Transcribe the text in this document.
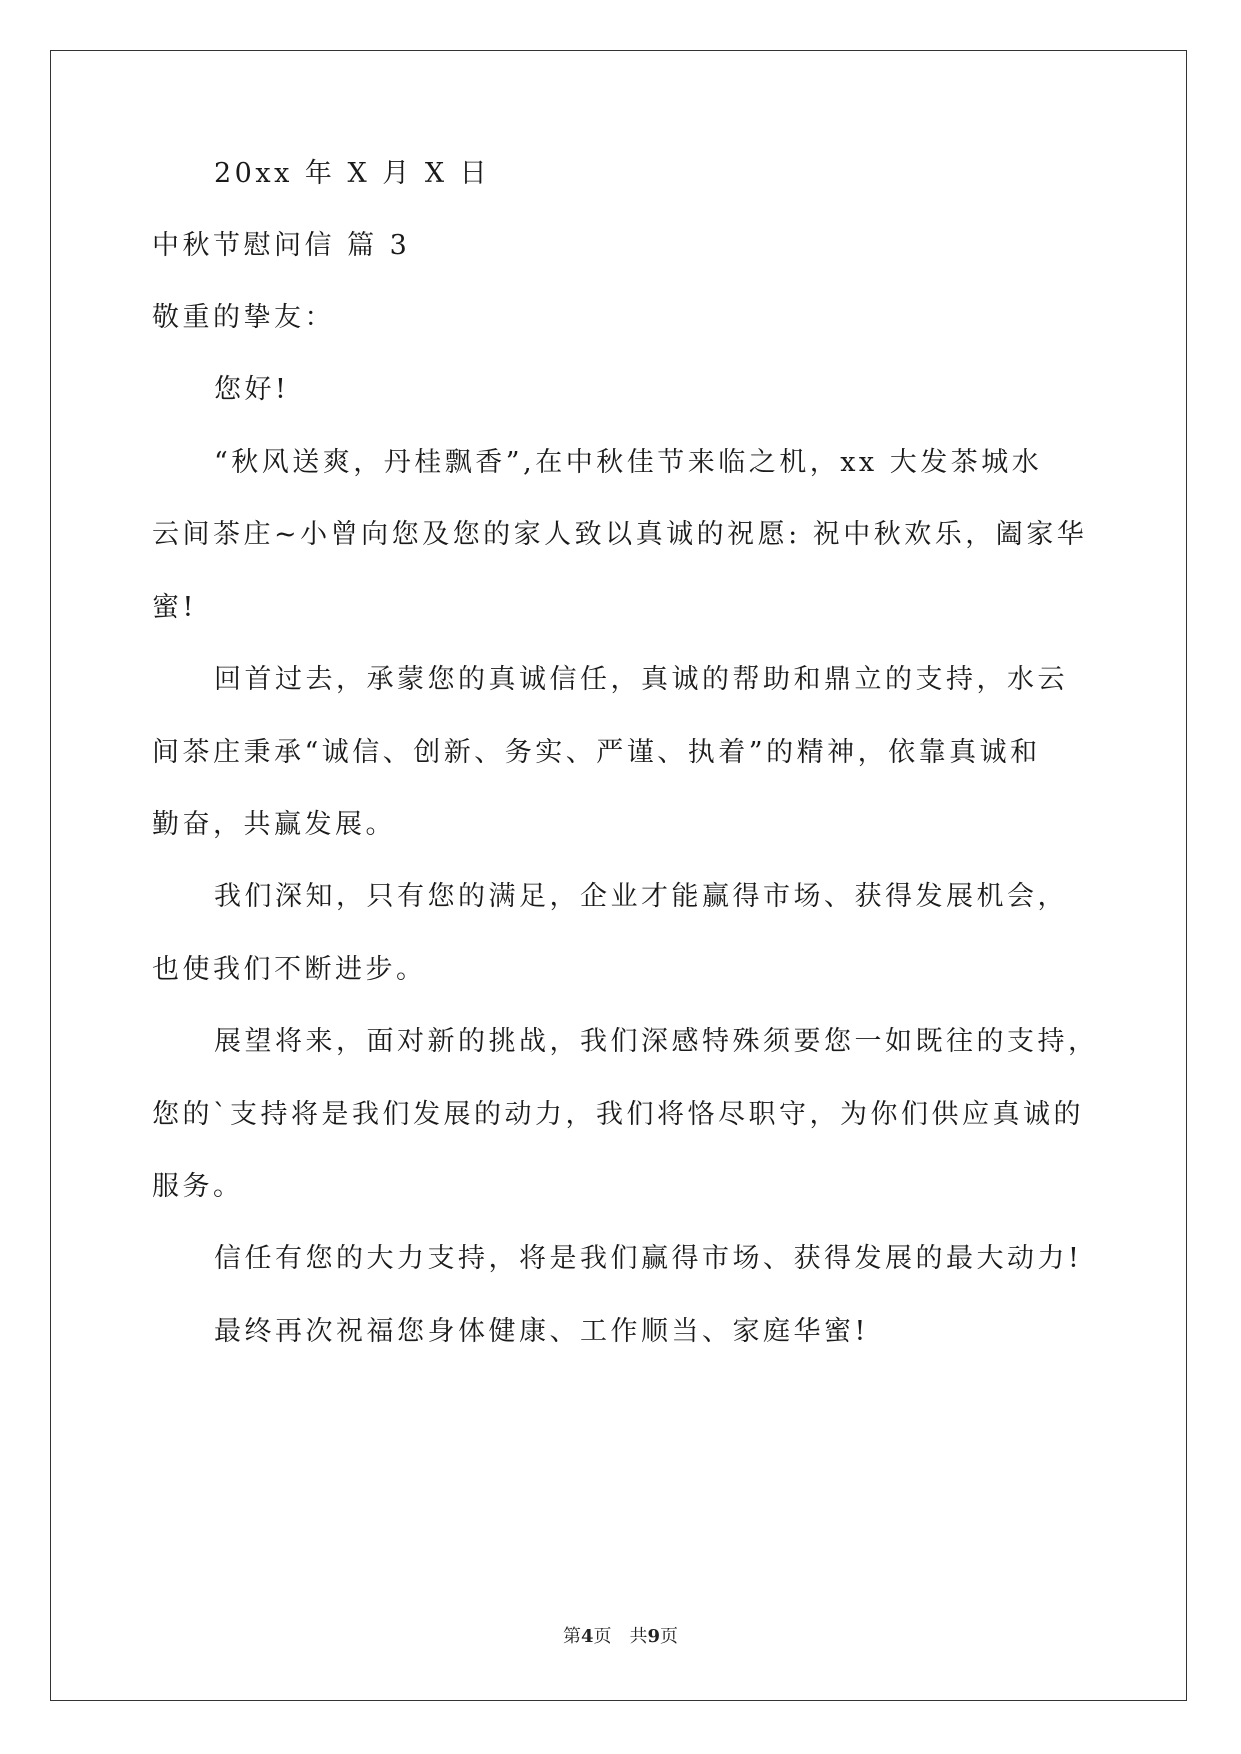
20xx 年 X 月 X 日
中秋节慰问信 篇 3
敬重的挚友：
您好!
“秋风送爽，丹桂飘香”,在中秋佳节来临之机，xx 大发茶城水
云间茶庄~小曾向您及您的家人致以真诚的祝愿: 祝中秋欢乐，阖家华
蜜!
回首过去，承蒙您的真诚信任，真诚的帮助和鼎立的支持，水云
间茶庄秉承“诚信、创新、务实、严谨、执着”的精神，依靠真诚和
勤奋，共赢发展。
我们深知，只有您的满足，企业才能赢得市场、获得发展机会，
也使我们不断进步。
展望将来，面对新的挑战，我们深感特殊须要您一如既往的支持，
您的`支持将是我们发展的动力，我们将恪尽职守，为你们供应真诚的
服务。
信任有您的大力支持，将是我们赢得市场、获得发展的最大动力!
最终再次祝福您身体健康、工作顺当、家庭华蜜!
第4页　共9页
